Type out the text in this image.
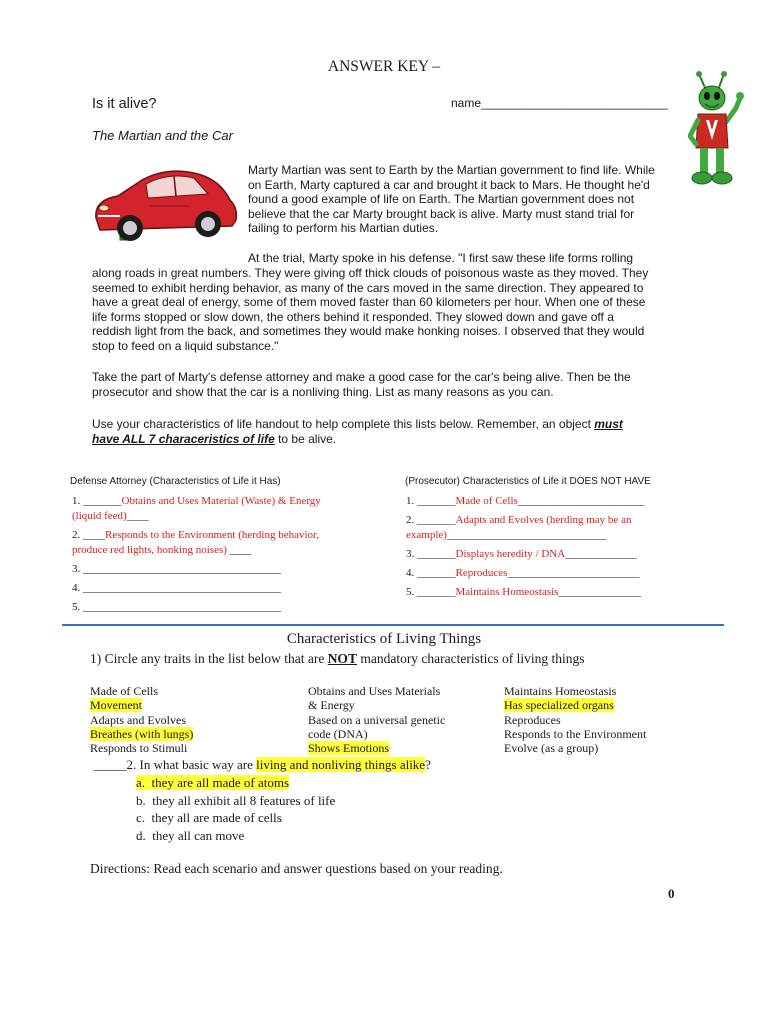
ANSWER KEY –
Is it alive?	name____________________________
The Martian and the Car
Marty Martian was sent to Earth by the Martian government to find life. While
on Earth, Marty captured a car and brought it back to Mars. He thought he'd
found a good example of life on Earth. The Martian government does not
believe that the car Marty brought back is alive. Marty must stand trial for
failing to perform his Martian duties.
At the trial, Marty spoke in his defense. "I first saw these life forms rolling
along roads in great numbers. They were giving off thick clouds of poisonous waste as they moved. They
seemed to exhibit herding behavior, as many of the cars moved in the same direction. They appeared to
have a great deal of energy, some of them moved faster than 60 kilometers per hour. When one of these
life forms stopped or slow down, the others behind it responded. They slowed down and gave off a
reddish light from the back, and sometimes they would make honking noises. I observed that they would
stop to feed on a liquid substance."
Take the part of Marty's defense attorney and make a good case for the car's being alive. Then be the
prosecutor and show that the car is a nonliving thing. List as many reasons as you can.
Use your characteristics of life handout to help complete this lists below. Remember, an object must
have ALL 7 characeristics of life to be alive.
Defense Attorney (Characteristics of Life it Has)
1. _______Obtains and Uses Material (Waste) & Energy
(liquid feed)____
2. ____Responds to the Environment (herding behavior,
produce red lights, honking noises) ____
3. ____________________________________
4. ____________________________________
5. ____________________________________
(Prosecutor) Characteristics of Life it DOES NOT HAVE
1. _______Made of Cells_______________________
2. _______Adapts and Evolves (herding may be an
example)_____________________________
3. _______Displays heredity / DNA_____________
4. _______Reproduces________________________
5. _______Maintains Homeostasis_______________
Characteristics of Living Things
1) Circle any traits in the list below that are NOT mandatory characteristics of living things
Made of Cells
Movement
Adapts and Evolves
Breathes (with lungs)
Responds to Stimuli
Obtains and Uses Materials
& Energy
Based on a universal genetic
code (DNA)
Shows Emotions
Maintains Homeostasis
Has specialized organs
Reproduces
Responds to the Environment
Evolve (as a group)
_____2. In what basic way are living and nonliving things alike?
a. they are all made of atoms
b. they all exhibit all 8 features of life
c. they all are made of cells
d. they all can move
Directions: Read each scenario and answer questions based on your reading.
0
